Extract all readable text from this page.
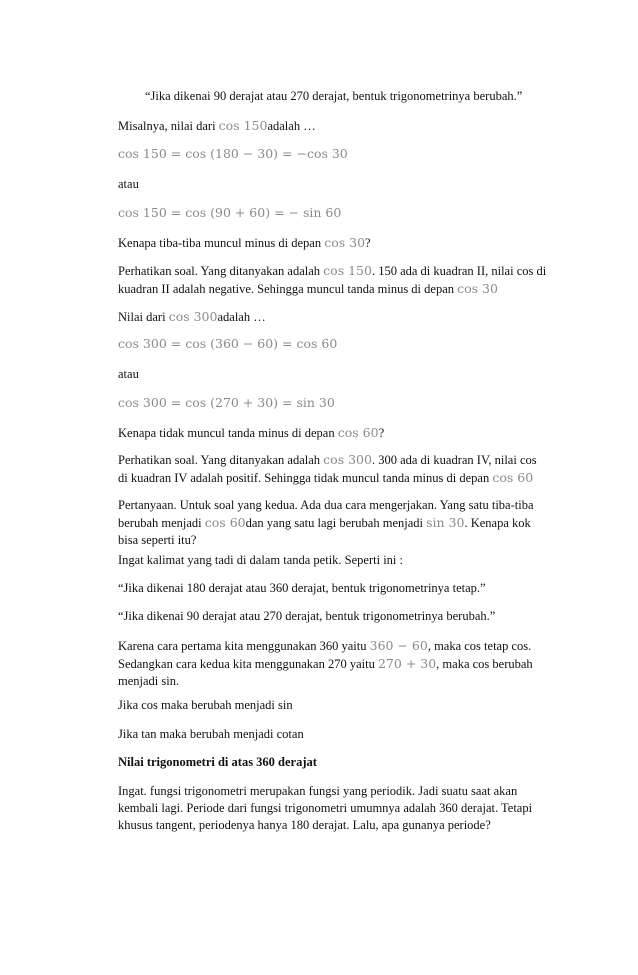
“Jika dikenai 90 derajat atau 270 derajat, bentuk trigonometrinya berubah.”
Misalnya, nilai dari cos 150adalah …
cos 150 = cos (180 − 30) = −cos 30
atau
cos 150 = cos (90 + 60) = − sin 60
Kenapa tiba-tiba muncul minus di depan cos 30?
Perhatikan soal. Yang ditanyakan adalah cos 150. 150 ada di kuadran II, nilai cos di kuadran II adalah negative. Sehingga muncul tanda minus di depan cos 30
Nilai dari cos 300adalah …
cos 300 = cos (360 − 60) = cos 60
atau
cos 300 = cos (270 + 30) = sin 30
Kenapa tidak muncul tanda minus di depan cos 60?
Perhatikan soal. Yang ditanyakan adalah cos 300. 300 ada di kuadran IV, nilai cos di kuadran IV adalah positif. Sehingga tidak muncul tanda minus di depan cos 60
Pertanyaan. Untuk soal yang kedua. Ada dua cara mengerjakan. Yang satu tiba-tiba berubah menjadi cos 60dan yang satu lagi berubah menjadi sin 30. Kenapa kok bisa seperti itu?
Ingat kalimat yang tadi di dalam tanda petik. Seperti ini :
“Jika dikenai 180 derajat atau 360 derajat, bentuk trigonometrinya tetap.”
“Jika dikenai 90 derajat atau 270 derajat, bentuk trigonometrinya berubah.”
Karena cara pertama kita menggunakan 360 yaitu 360 − 60, maka cos tetap cos. Sedangkan cara kedua kita menggunakan 270 yaitu 270 + 30, maka cos berubah menjadi sin.
Jika cos maka berubah menjadi sin
Jika tan maka berubah menjadi cotan
Nilai trigonometri di atas 360 derajat
Ingat. fungsi trigonometri merupakan fungsi yang periodik. Jadi suatu saat akan kembali lagi. Periode dari fungsi trigonometri umumnya adalah 360 derajat. Tetapi khusus tangent, periodenya hanya 180 derajat. Lalu, apa gunanya periode?
